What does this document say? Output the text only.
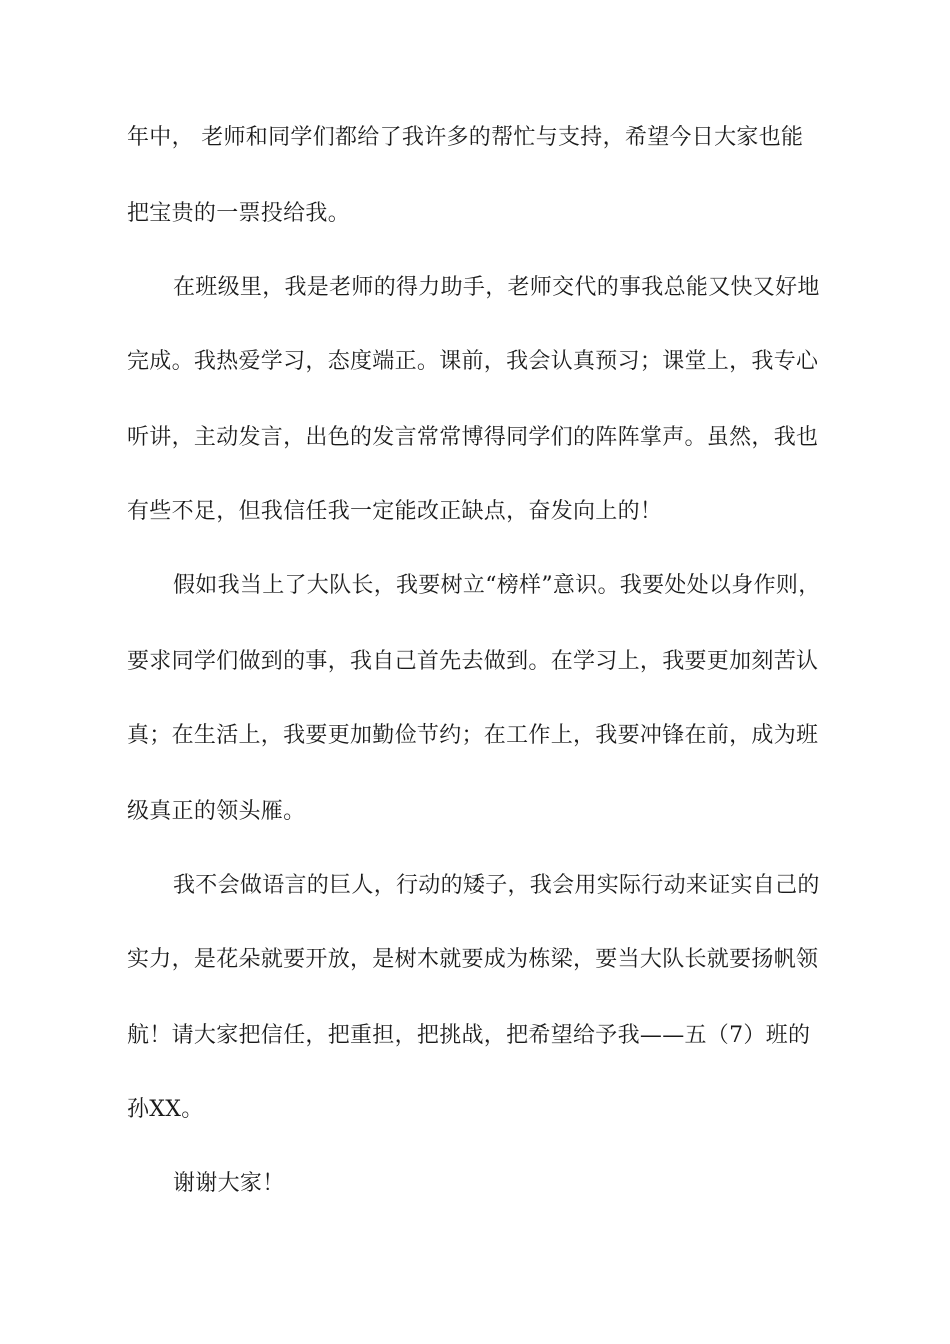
年中， 老师和同学们都给了我许多的帮忙与支持，希望今日大家也能
把宝贵的一票投给我。
在班级里，我是老师的得力助手，老师交代的事我总能又快又好地
完成。我热爱学习，态度端正。课前，我会认真预习；课堂上，我专心
听讲，主动发言，出色的发言常常博得同学们的阵阵掌声。虽然，我也
有些不足，但我信任我一定能改正缺点，奋发向上的！
假如我当上了大队长，我要树立“榜样”意识。我要处处以身作则，
要求同学们做到的事，我自己首先去做到。在学习上，我要更加刻苦认
真；在生活上，我要更加勤俭节约；在工作上，我要冲锋在前，成为班
级真正的领头雁。
我不会做语言的巨人，行动的矮子，我会用实际行动来证实自己的
实力，是花朵就要开放，是树木就要成为栋梁，要当大队长就要扬帆领
航！请大家把信任，把重担，把挑战，把希望给予我——五（7）班的
孙XX。
谢谢大家！
